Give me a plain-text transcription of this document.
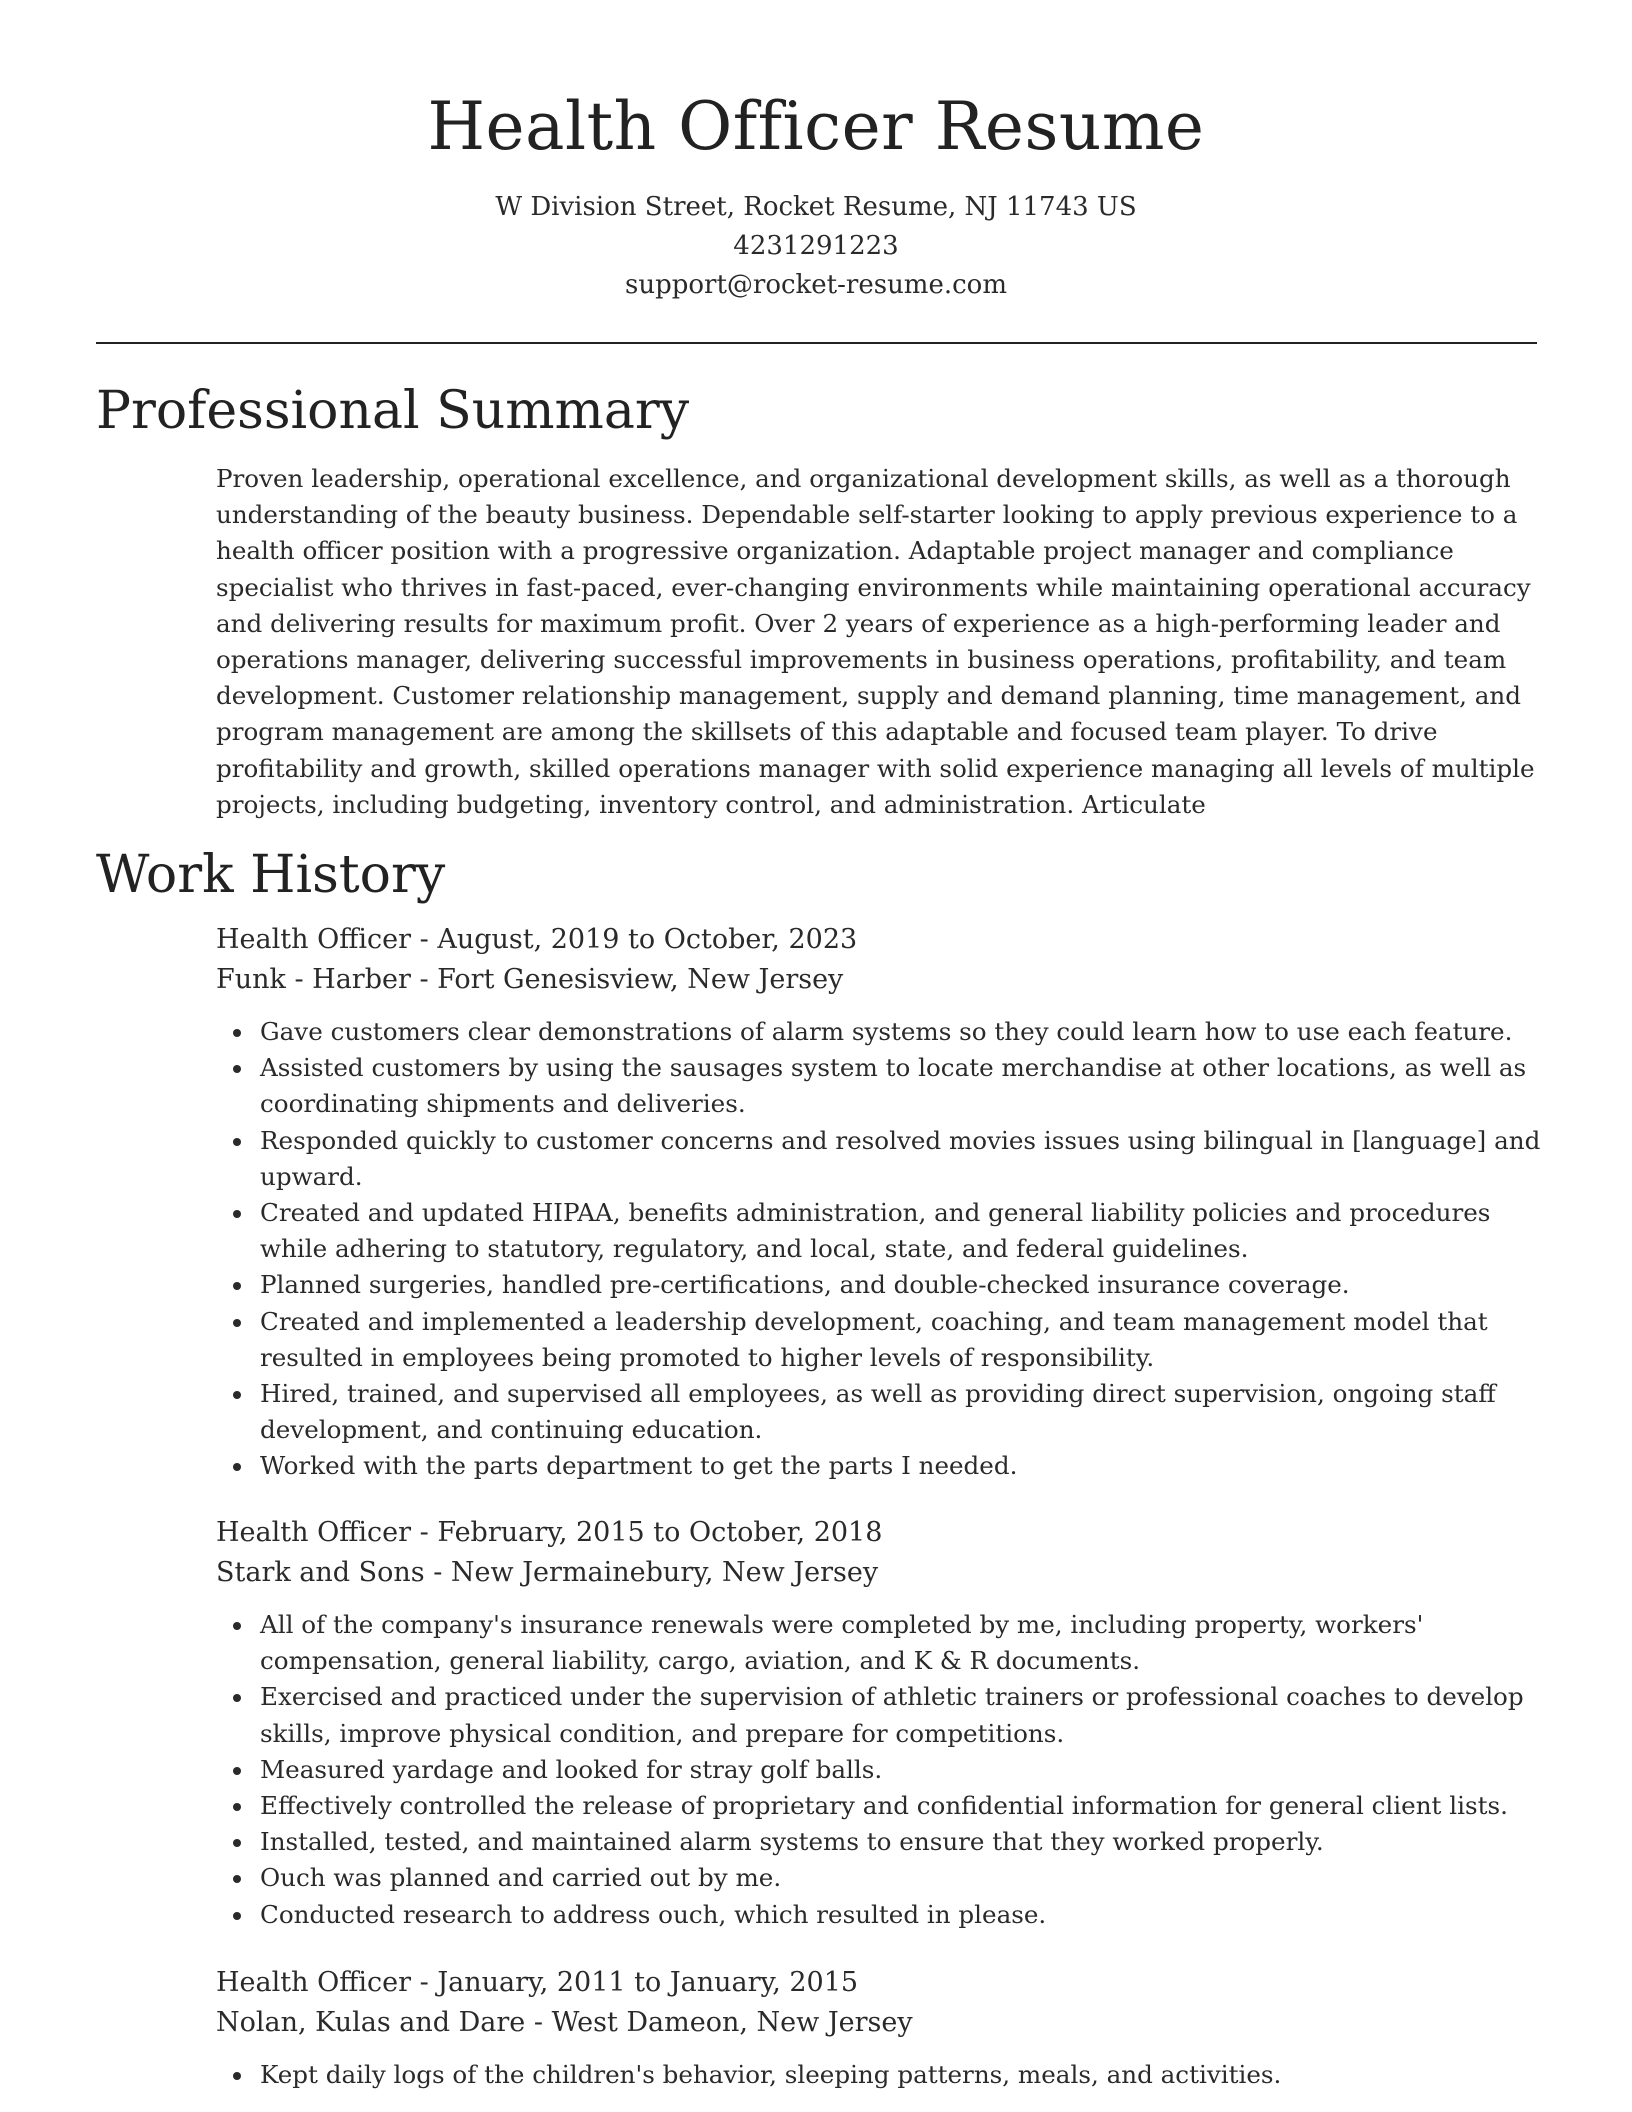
Health Officer Resume
W Division Street, Rocket Resume, NJ 11743 US
4231291223
support@rocket-resume.com
Professional Summary

Proven leadership, operational excellence, and organizational development skills, as well as a thorough understanding of the beauty business. Dependable self-starter looking to apply previous experience to a health officer position with a progressive organization. Adaptable project manager and compliance specialist who thrives in fast-paced, ever-changing environments while maintaining operational accuracy and delivering results for maximum profit. Over 2 years of experience as a high-performing leader and operations manager, delivering successful improvements in business operations, profitability, and team development. Customer relationship management, supply and demand planning, time management, and program management are among the skillsets of this adaptable and focused team player. To drive profitability and growth, skilled operations manager with solid experience managing all levels of multiple projects, including budgeting, inventory control, and administration. Articulate

Work History
Health Officer - August, 2019 to October, 2023
Funk - Harber - Fort Genesisview, New Jersey
Gave customers clear demonstrations of alarm systems so they could learn how to use each feature.
Assisted customers by using the sausages system to locate merchandise at other locations, as well as coordinating shipments and deliveries.
Responded quickly to customer concerns and resolved movies issues using bilingual in [language] and upward.
Created and updated HIPAA, benefits administration, and general liability policies and procedures while adhering to statutory, regulatory, and local, state, and federal guidelines.
Planned surgeries, handled pre-certifications, and double-checked insurance coverage.
Created and implemented a leadership development, coaching, and team management model that resulted in employees being promoted to higher levels of responsibility.
Hired, trained, and supervised all employees, as well as providing direct supervision, ongoing staff development, and continuing education.
Worked with the parts department to get the parts I needed.
Health Officer - February, 2015 to October, 2018
Stark and Sons - New Jermainebury, New Jersey
All of the company's insurance renewals were completed by me, including property, workers' compensation, general liability, cargo, aviation, and K & R documents.
Exercised and practiced under the supervision of athletic trainers or professional coaches to develop skills, improve physical condition, and prepare for competitions.
Measured yardage and looked for stray golf balls.
Effectively controlled the release of proprietary and confidential information for general client lists.
Installed, tested, and maintained alarm systems to ensure that they worked properly.
Ouch was planned and carried out by me.
Conducted research to address ouch, which resulted in please.
Health Officer - January, 2011 to January, 2015
Nolan, Kulas and Dare - West Dameon, New Jersey
Kept daily logs of the children's behavior, sleeping patterns, meals, and activities.
